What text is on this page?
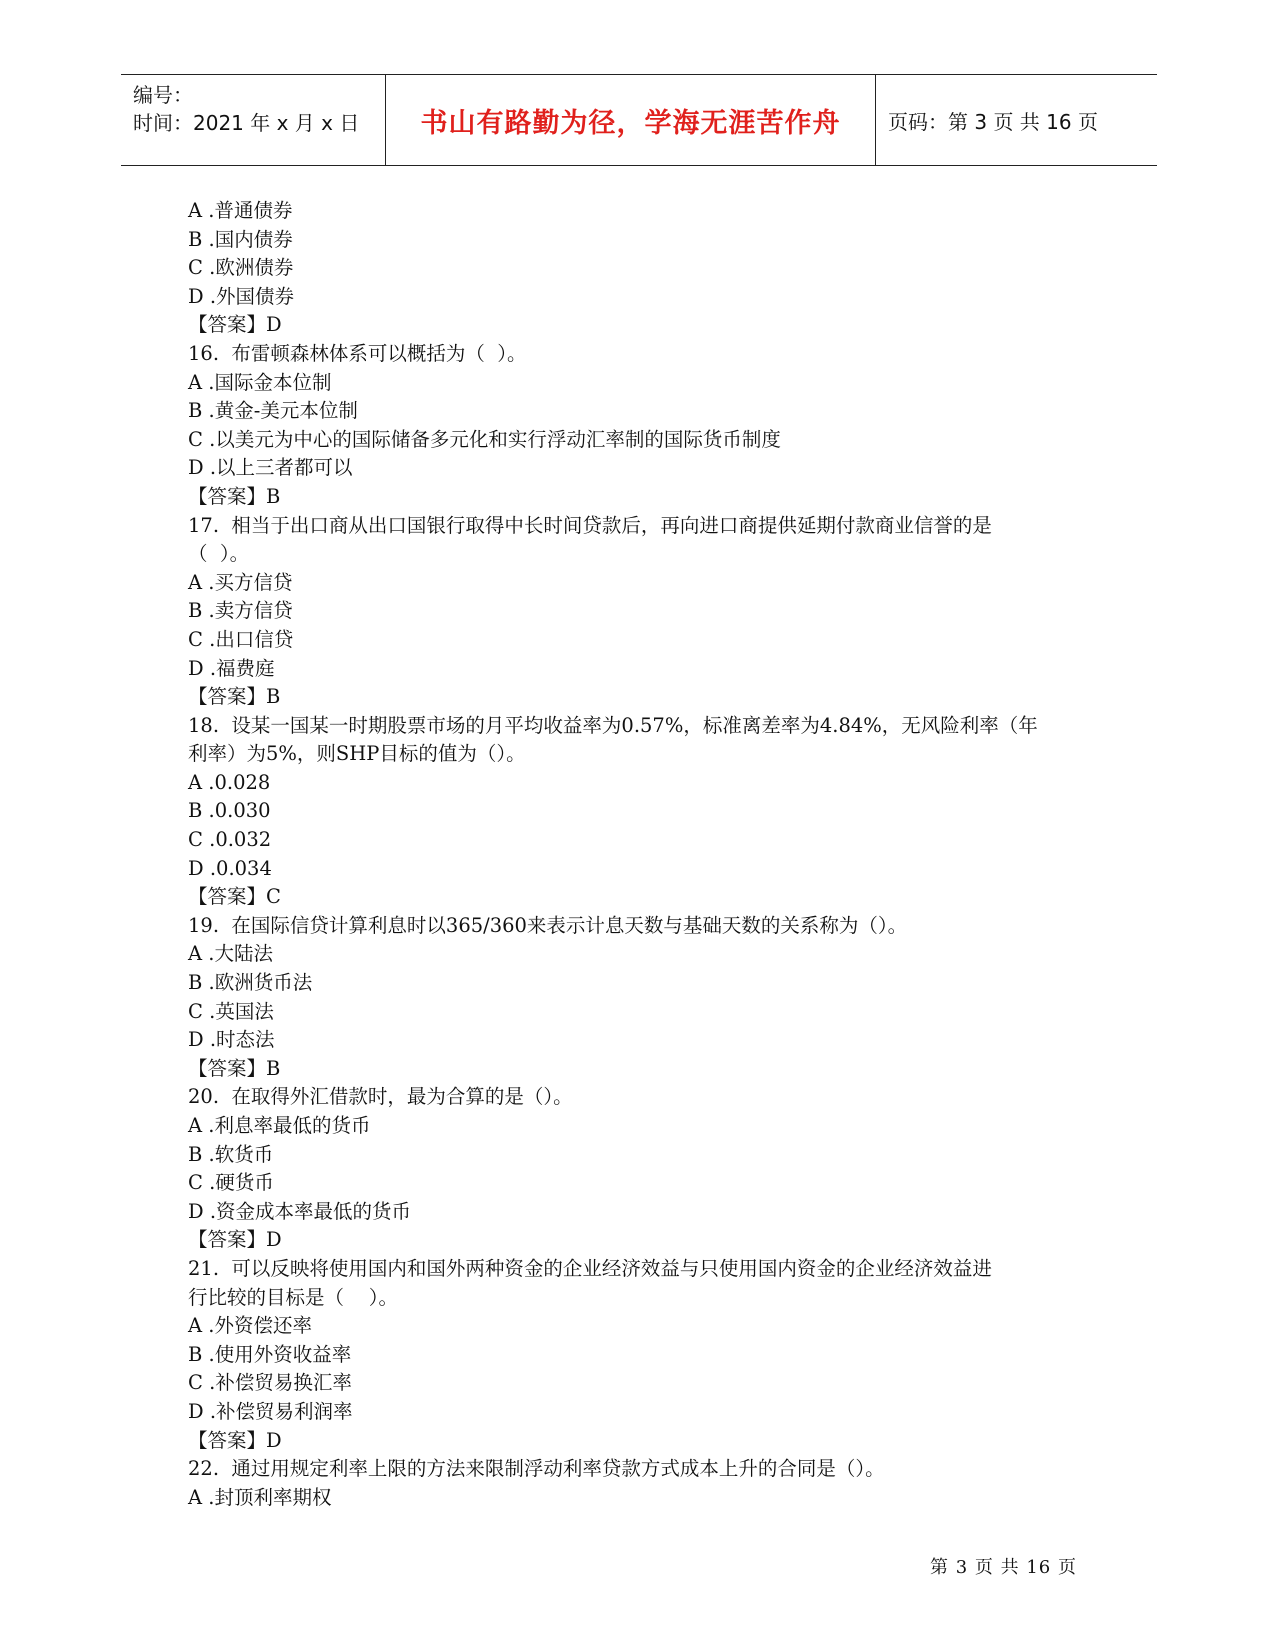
编号：
时间：2021 年 x 月 x 日	书山有路勤为径，学海无涯苦作舟	页码：第 3 页 共 16 页
A .普通债券
B .国内债券
C .欧洲债券
D .外国债券
【答案】D
16.  布雷顿森林体系可以概括为（  ）。
A .国际金本位制
B .黄金-美元本位制
C .以美元为中心的国际储备多元化和实行浮动汇率制的国际货币制度
D .以上三者都可以
【答案】B
17.  相当于出口商从出口国银行取得中长时间贷款后，再向进口商提供延期付款商业信誉的是
（  ）。
A .买方信贷
B .卖方信贷
C .出口信贷
D .福费庭
【答案】B
18.  设某一国某一时期股票市场的月平均收益率为0.57%，标准离差率为4.84%，无风险利率（年
利率）为5%，则SHP目标的值为（）。
A .0.028
B .0.030
C .0.032
D .0.034
【答案】C
19.  在国际信贷计算利息时以365/360来表示计息天数与基础天数的关系称为（）。
A .大陆法
B .欧洲货币法
C .英国法
D .时态法
【答案】B
20.  在取得外汇借款时，最为合算的是（）。
A .利息率最低的货币
B .软货币
C .硬货币
D .资金成本率最低的货币
【答案】D
21.  可以反映将使用国内和国外两种资金的企业经济效益与只使用国内资金的企业经济效益进
行比较的目标是（    ）。
A .外资偿还率
B .使用外资收益率
C .补偿贸易换汇率
D .补偿贸易利润率
【答案】D
22.  通过用规定利率上限的方法来限制浮动利率贷款方式成本上升的合同是（）。
A .封顶利率期权
第 3 页 共 16 页
